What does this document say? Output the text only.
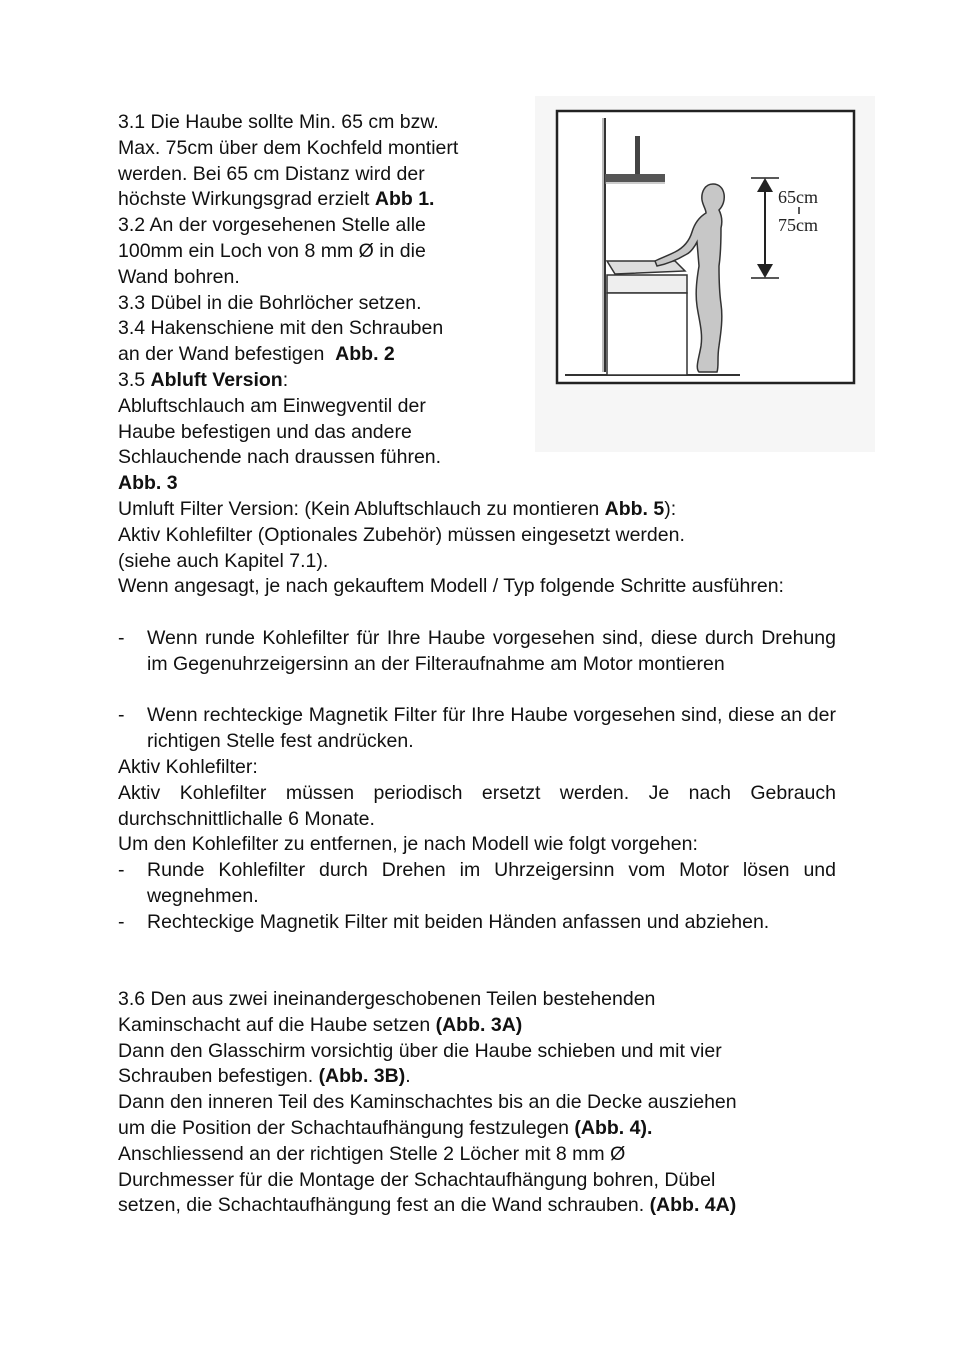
3.1 Die Haube sollte Min. 65 cm bzw.
Max. 75cm über dem Kochfeld montiert
werden. Bei 65 cm Distanz wird der
höchste Wirkungsgrad erzielt Abb 1.
3.2 An der vorgesehenen Stelle alle
100mm ein Loch von 8 mm Ø in die
Wand bohren.
3.3 Dübel in die Bohrlöcher setzen.
3.4 Hakenschiene mit den Schrauben
an der Wand befestigen  Abb. 2
3.5 Abluft Version:
Abluftschlauch am Einwegventil der
Haube befestigen und das andere
Schlauchende nach draussen führen.
Abb. 3
65cm
75cm
Umluft Filter Version: (Kein Abluftschlauch zu montieren Abb. 5):
Aktiv Kohlefilter (Optionales Zubehör) müssen eingesetzt werden.
(siehe auch Kapitel 7.1).
Wenn angesagt, je nach gekauftem Modell / Typ folgende Schritte ausführen:
- Wenn runde Kohlefilter für Ihre Haube vorgesehen sind, diese durch Drehung im Gegenuhrzeigersinn an der Filteraufnahme am Motor montieren
- Wenn rechteckige Magnetik Filter für Ihre Haube vorgesehen sind, diese an der richtigen Stelle fest andrücken.
Aktiv Kohlefilter:
Aktiv Kohlefilter müssen periodisch ersetzt werden. Je nach Gebrauch durchschnittlichalle 6 Monate.
Um den Kohlefilter zu entfernen, je nach Modell wie folgt vorgehen:
- Runde Kohlefilter durch Drehen im Uhrzeigersinn vom Motor lösen und wegnehmen.
- Rechteckige Magnetik Filter mit beiden Händen anfassen und abziehen.
3.6 Den aus zwei ineinandergeschobenen Teilen bestehenden
Kaminschacht auf die Haube setzen (Abb. 3A)
Dann den Glasschirm vorsichtig über die Haube schieben und mit vier
Schrauben befestigen. (Abb. 3B).
Dann den inneren Teil des Kaminschachtes bis an die Decke ausziehen
um die Position der Schachtaufhängung festzulegen (Abb. 4).
Anschliessend an der richtigen Stelle 2 Löcher mit 8 mm Ø
Durchmesser für die Montage der Schachtaufhängung bohren, Dübel
setzen, die Schachtaufhängung fest an die Wand schrauben. (Abb. 4A)
